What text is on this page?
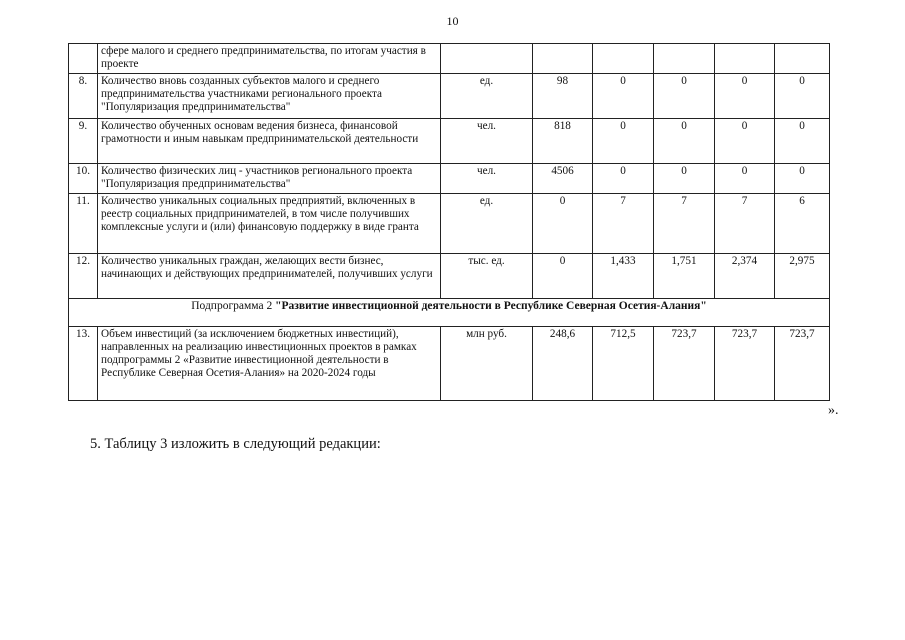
10
	сфере малого и среднего предпринимательства, по итогам участия в проекте						
8.	Количество вновь созданных субъектов малого и среднего предпринимательства участниками регионального проекта "Популяризация предпринимательства"	ед.	98	0	0	0	0
9.	Количество обученных основам ведения бизнеса, финансовой грамотности и иным навыкам предпринимательской деятельности	чел.	818	0	0	0	0
10.	Количество физических лиц - участников регионального проекта "Популяризация предпринимательства"	чел.	4506	0	0	0	0
11.	Количество уникальных социальных предприятий, включенных в реестр социальных придпринимателей, в том числе получивших комплексные услуги и (или) финансовую поддержку в виде гранта	ед.	0	7	7	7	6
12.	Количество уникальных граждан, желающих вести бизнес, начинающих и действующих предпринимателей, получивших услуги	тыс. ед.	0	1,433	1,751	2,374	2,975
Подпрограмма 2 "Развитие инвестиционной деятельности в Республике Северная Осетия-Алания"							
13.	Объем инвестиций (за исключением бюджетных инвестиций), направленных на реализацию инвестиционных проектов в рамках подпрограммы 2 «Развитие инвестиционной деятельности в Республике Северная Осетия-Алания» на 2020-2024 годы	млн руб.	248,6	712,5	723,7	723,7	723,7
».
5. Таблицу 3 изложить в следующий редакции:
